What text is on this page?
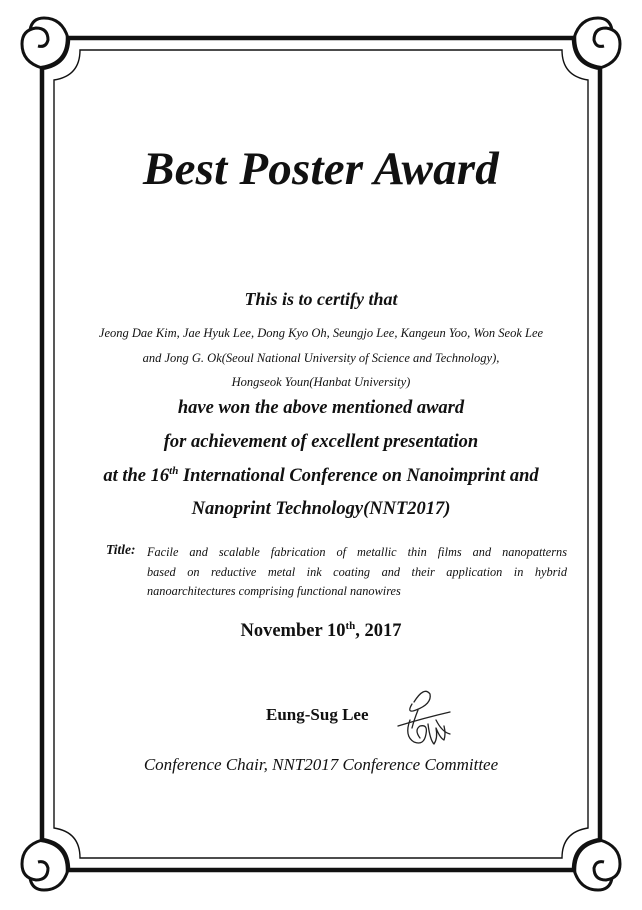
Best Poster Award
This is to certify that
Jeong Dae Kim, Jae Hyuk Lee, Dong Kyo Oh, Seungjo Lee, Kangeun Yoo, Won Seok Lee
and Jong G. Ok(Seoul National University of Science and Technology),
Hongseok Youn(Hanbat University)
have won the above mentioned award
for achievement of excellent presentation
at the 16th International Conference on Nanoimprint and
Nanoprint Technology(NNT2017)
Title: Facile and scalable fabrication of metallic thin films and nanopatterns
based on reductive metal ink coating and their application in hybrid
nanoarchitectures comprising functional nanowires
November 10th, 2017
Eung-Sug Lee
Conference Chair, NNT2017 Conference Committee
